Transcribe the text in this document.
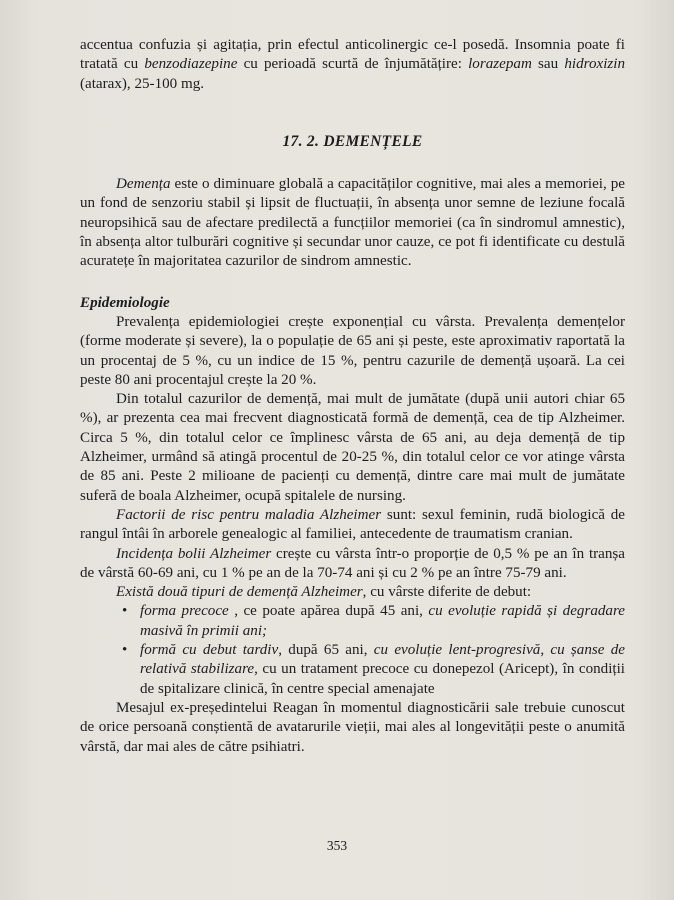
accentua confuzia și agitația, prin efectul anticolinergic ce-l posedă. Insomnia poate fi tratată cu benzodiazepine cu perioadă scurtă de înjumătățire: lorazepam sau hidroxizin (atarax), 25-100 mg.

17. 2. DEMENȚELE

Demența este o diminuare globală a capacităților cognitive, mai ales a memoriei, pe un fond de senzoriu stabil și lipsit de fluctuații, în absența unor semne de leziune focală neuropsihică sau de afectare predilectă a funcțiilor memoriei (ca în sindromul amnestic), în absența altor tulburări cognitive și secundar unor cauze, ce pot fi identificate cu destulă acuratețe în majoritatea cazurilor de sindrom amnestic.

Epidemiologie

Prevalența epidemiologiei crește exponențial cu vârsta. Prevalența demențelor (forme moderate și severe), la o populație de 65 ani și peste, este aproximativ raportată la un procentaj de 5 %, cu un indice de 15 %, pentru cazurile de demență ușoară. La cei peste 80 ani procentajul crește la 20 %.

Din totalul cazurilor de demență, mai mult de jumătate (după unii autori chiar 65 %), ar prezenta cea mai frecvent diagnosticată formă de demență, cea de tip Alzheimer. Circa 5 %, din totalul celor ce împlinesc vârsta de 65 ani, au deja demență de tip Alzheimer, urmând să atingă procentul de 20-25 %, din totalul celor ce vor atinge vârsta de 85 ani. Peste 2 milioane de pacienți cu demență, dintre care mai mult de jumătate suferă de boala Alzheimer, ocupă spitalele de nursing.

Factorii de risc pentru maladia Alzheimer sunt: sexul feminin, rudă biologică de rangul întâi în arborele genealogic al familiei, antecedente de traumatism cranian.

Incidența bolii Alzheimer crește cu vârsta într-o proporție de 0,5 % pe an în tranșa de vârstă 60-69 ani, cu 1 % pe an de la 70-74 ani și cu 2 % pe an între 75-79 ani.

Există două tipuri de demență Alzheimer, cu vârste diferite de debut:

• forma precoce , ce poate apărea după 45 ani, cu evoluție rapidă și degradare masivă în primii ani;
• formă cu debut tardiv, după 65 ani, cu evoluție lent-progresivă, cu șanse de relativă stabilizare, cu un tratament precoce cu donepezol (Aricept), în condiții de spitalizare clinică, în centre special amenajate

Mesajul ex-președintelui Reagan în momentul diagnosticării sale trebuie cunoscut de orice persoană conștientă de avatarurile vieții, mai ales al longevității peste o anumită vârstă, dar mai ales de către psihiatri.

353
